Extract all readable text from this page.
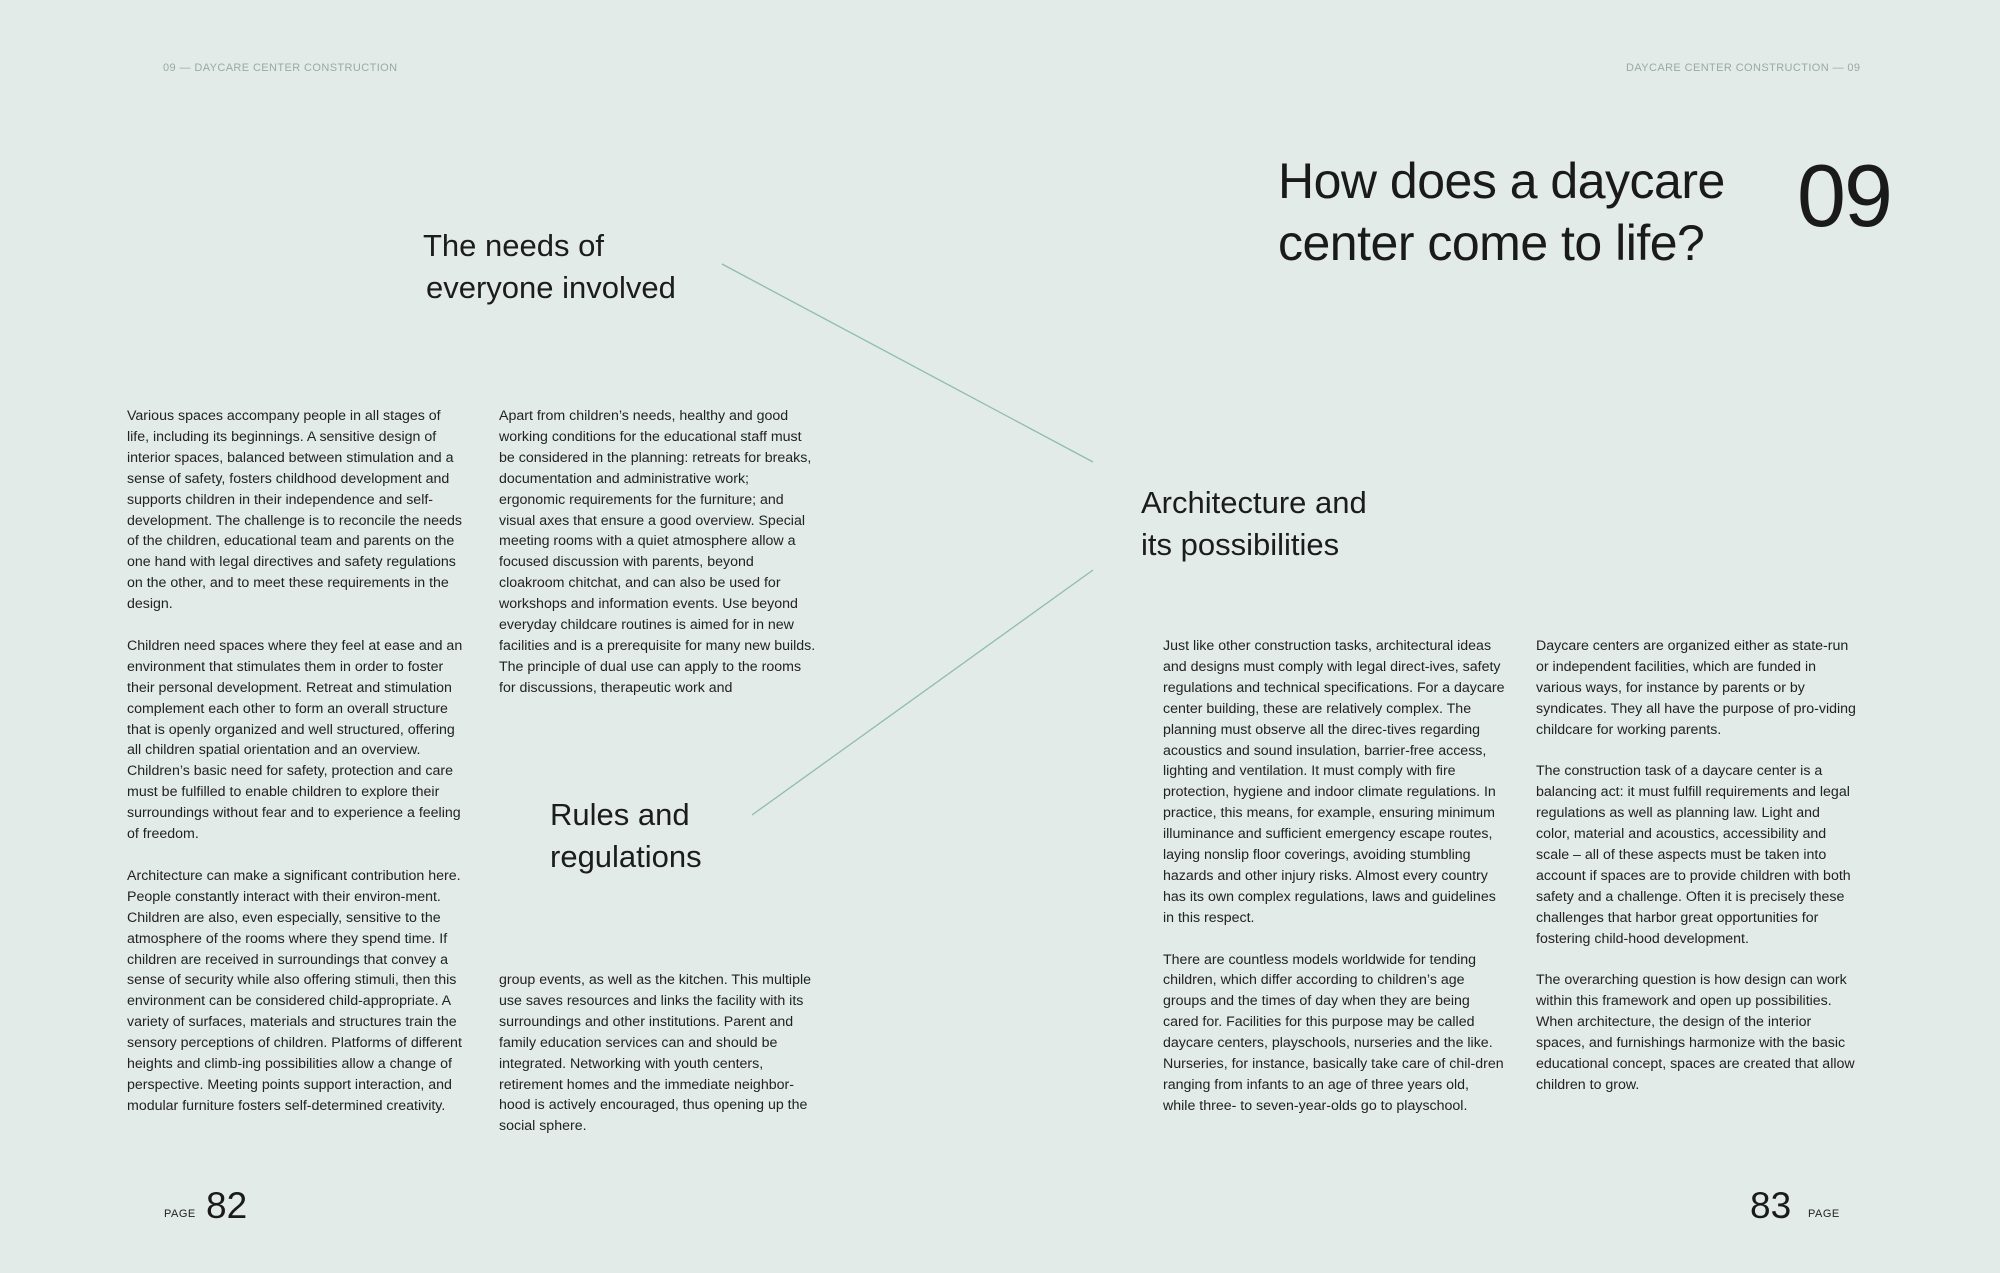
09 — DAYCARE CENTER CONSTRUCTION	DAYCARE CENTER CONSTRUCTION — 09
How does a daycare
center come to life?	09
The needs of
everyone involved
Architecture and
its possibilities
Rules and
regulations

Various spaces accompany people in all stages of life, including its beginnings. A sensitive design of interior spaces, balanced between stimulation and a sense of safety, fosters childhood development and supports children in their independence and self-development. The challenge is to reconcile the needs of the children, educational team and parents on the one hand with legal directives and safety regulations on the other, and to meet these requirements in the design.

Children need spaces where they feel at ease and an environment that stimulates them in order to foster their personal development. Retreat and stimulation complement each other to form an overall structure that is openly organized and well structured, offering all children spatial orientation and an overview. Children’s basic need for safety, protection and care must be fulfilled to enable children to explore their surroundings without fear and to experience a feeling of freedom.

Architecture can make a significant contribution here. People constantly interact with their environ-ment. Children are also, even especially, sensitive to the atmosphere of the rooms where they spend time. If children are received in surroundings that convey a sense of security while also offering stimuli, then this environment can be considered child-appropriate. A variety of surfaces, materials and structures train the sensory perceptions of children. Platforms of different heights and climb-ing possibilities allow a change of perspective. Meeting points support interaction, and modular furniture fosters self-determined creativity.

Apart from children’s needs, healthy and good working conditions for the educational staff must be considered in the planning: retreats for breaks, documentation and administrative work; ergonomic requirements for the furniture; and visual axes that ensure a good overview. Special meeting rooms with a quiet atmosphere allow a focused discussion with parents, beyond cloakroom chitchat, and can also be used for workshops and information events. Use beyond everyday childcare routines is aimed for in new facilities and is a prerequisite for many new builds. The principle of dual use can apply to the rooms for discussions, therapeutic work and

group events, as well as the kitchen. This multiple use saves resources and links the facility with its surroundings and other institutions. Parent and family education services can and should be integrated. Networking with youth centers, retirement homes and the immediate neighbor-hood is actively encouraged, thus opening up the social sphere.

Just like other construction tasks, architectural ideas and designs must comply with legal direct-ives, safety regulations and technical specifications. For a daycare center building, these are relatively complex. The planning must observe all the direc-tives regarding acoustics and sound insulation, barrier-free access, lighting and ventilation. It must comply with fire protection, hygiene and indoor climate regulations. In practice, this means, for example, ensuring minimum illuminance and sufficient emergency escape routes, laying nonslip floor coverings, avoiding stumbling hazards and other injury risks. Almost every country has its own complex regulations, laws and guidelines in this respect.

There are countless models worldwide for tending children, which differ according to children’s age groups and the times of day when they are being cared for. Facilities for this purpose may be called daycare centers, playschools, nurseries and the like. Nurseries, for instance, basically take care of chil-dren ranging from infants to an age of three years old, while three- to seven-year-olds go to playschool.

Daycare centers are organized either as state-run or independent facilities, which are funded in various ways, for instance by parents or by syndicates. They all have the purpose of pro-viding childcare for working parents.

The construction task of a daycare center is a balancing act: it must fulfill requirements and legal regulations as well as planning law. Light and color, material and acoustics, accessibility and scale – all of these aspects must be taken into account if spaces are to provide children with both safety and a challenge. Often it is precisely these challenges that harbor great opportunities for fostering child-hood development.

The overarching question is how design can work within this framework and open up possibilities. When architecture, the design of the interior spaces, and furnishings harmonize with the basic educational concept, spaces are created that allow children to grow.

PAGE 82	83 PAGE
